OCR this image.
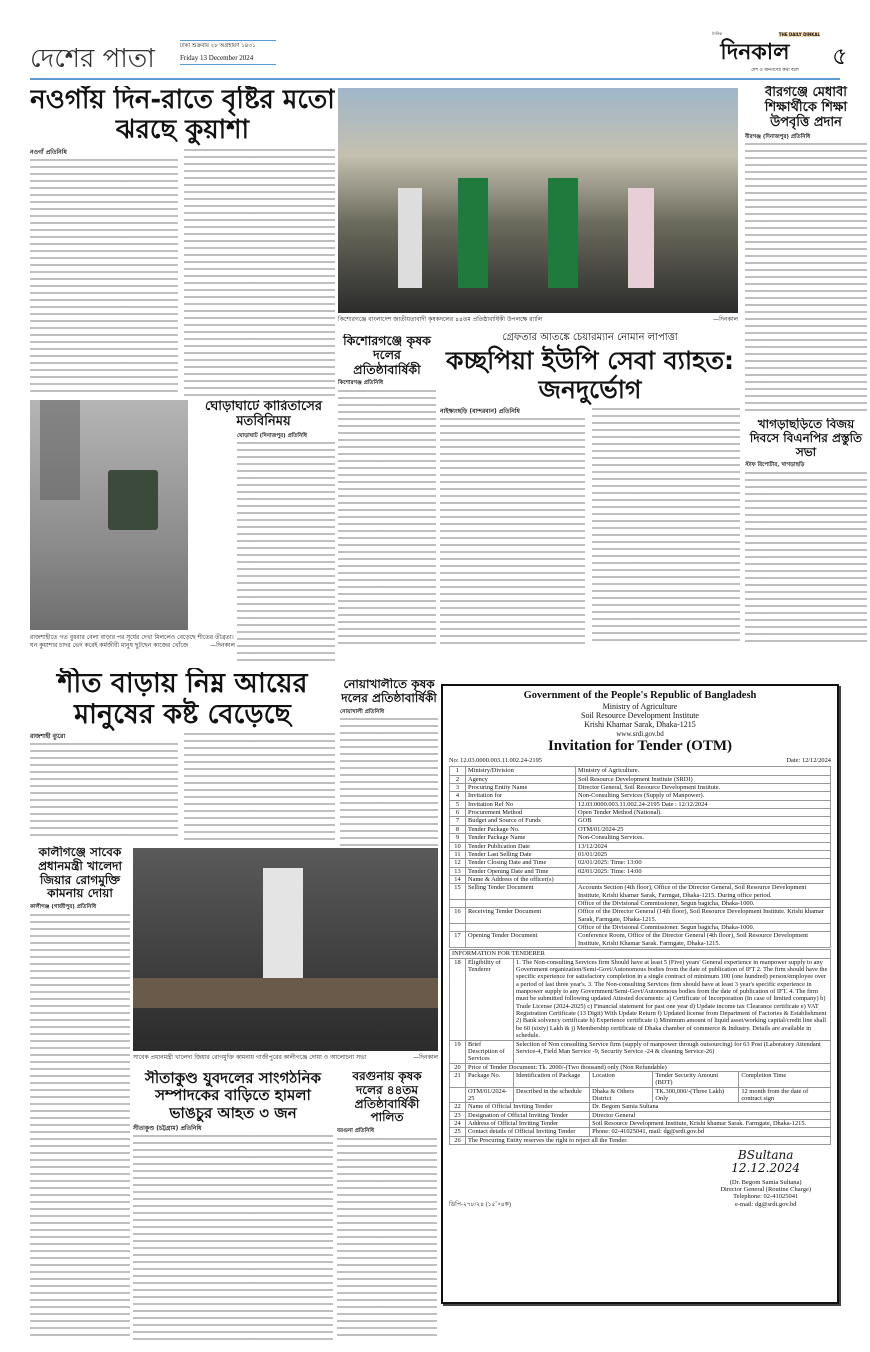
দেশের পাতা	ঢাকা শুক্রবার ২৮ অগ্রহায়ণ ১৪৩১
Friday 13 December 2024
দৈনিক	THE DAILY DINKAL
দিনকাল
দেশ ও জনগণের কথা বলে
৫
নওগাঁয় দিন-রাতে বৃষ্টির মতো ঝরছে কুয়াশা
নওগাঁ প্রতিনিধি
রাজশাহীতে গত বুধবার বেলা বাড়ার পর সূর্যের দেখা মিললেও বেড়েছে শীতের তীব্রতা। ঘন কুয়াশার চাদর ভেদ করেই কর্মজীবী মানুষ ছুটছেন কাজের খোঁজে	—দিনকাল
ঘোড়াঘাটে কারিতাসের মতবিনিময়
ঘোড়াঘাট (দিনাজপুর) প্রতিনিধি
কিশোরগঞ্জে বাংলাদেশ জাতীয়তাবাদী কৃষকদলের ৪৪তম প্রতিষ্ঠাবার্ষিকী উপলক্ষে র‌্যালি	—দিনকাল
বীরগঞ্জে মেধাবী শিক্ষার্থীকে শিক্ষা উপবৃত্তি প্রদান
বীরগঞ্জ (দিনাজপুর) প্রতিনিধি
খাগড়াছড়িতে বিজয় দিবসে বিএনপির প্রস্তুতি সভা
স্টাফ রিপোর্টার, খাগড়াছড়ি
কিশোরগঞ্জে কৃষক দলের প্রতিষ্ঠাবার্ষিকী
কিশোরগঞ্জ প্রতিনিধি
গ্রেফতার আতঙ্কে চেয়ারম্যান নোমান লাপাত্তা
কচ্ছপিয়া ইউপি সেবা ব্যাহত: জনদুর্ভোগ
নাইক্ষ্যংছড়ি (বান্দরবান) প্রতিনিধি
শীত বাড়ায় নিম্ন আয়ের মানুষের কষ্ট বেড়েছে
রাজশাহী ব্যুরো
নোয়াখালীতে কৃষক দলের প্রতিষ্ঠাবার্ষিকী
নোয়াখালী প্রতিনিধি
কালীগঞ্জে সাবেক প্রধানমন্ত্রী খালেদা জিয়ার রোগমুক্তি কামনায় দোয়া
কালীগঞ্জ (গাজীপুর) প্রতিনিধি
সাবেক প্রধানমন্ত্রী খালেদা জিয়ার রোগমুক্তি কামনায় গাজীপুরের কালীগঞ্জে দোয়া ও আলোচনা সভা	—দিনকাল
সীতাকুণ্ড যুবদলের সাংগঠনিক সম্পাদকের বাড়িতে হামলা ভাঙচুর আহত ৩ জন
সীতাকুণ্ড (চট্টগ্রাম) প্রতিনিধি
বরগুনায় কৃষক দলের ৪৪তম প্রতিষ্ঠাবার্ষিকী পালিত
বরগুনা প্রতিনিধি
Government of the People's Republic of Bangladesh
Ministry of Agriculture
Soil Resource Development Institute
Krishi Khamar Sarak, Dhaka-1215
www.srdi.gov.bd
Invitation for Tender (OTM)
No: 12.03.0000.003.11.002.24-2195	Date: 12/12/2024
1	Ministry/Division	Ministry of Agriculture.
2	Agency	Soil Resource Development Institute (SRDI)
3	Procuring Entity Name	Director General, Soil Resource Development Institute.
4	Invitation for	Non-Consulting Services (Supply of Manpower).
5	Invitation Ref No	12.03.0000.003.11.002.24-2195 Date : 12/12/2024
6	Procurement Method	Open Tender Method (National).
7	Budget and Source of Funds	GOB
8	Tender Package No.	OTM/01/2024-25
9	Tender Package Name	Non-Consulting Services.
10	Tender Publication Date	13/12/2024
11	Tender Last Selling Date	01/01/2025
12	Tender Closing Date and Time	02/01/2025: Time: 13:00
13	Tender Opening Date and Time	02/01/2025: Time: 14:00
14	Name & Address of the officer(s)	
15	Selling Tender Document	Accounts Section (4th floor), Office of the Director General, Soil Resource Development Institute, Krishi khamar Sarak, Farmgat, Dhaka-1215. During office period.
		Office of the Divisional Commissioner, Segun bagicha, Dhaka-1000.
16	Receiving Tender Document	Office of the Director General (14th floor), Soil Resource Development Institute. Krishi khamar Sarak, Farmgate, Dhaka-1215.
		Office of the Divisional Commissioner. Segun bagicha, Dhaka-1000.
17	Opening Tender Document	Conference Room, Office of the Director General (4th floor), Soil Resource Development Institute, Krishi Khamar Sarak. Farmgate, Dhaka-1215.
INFORMATION FOR TENDERER
18	Eligibility of Tenderer	1. The Non-consulting Services firm Should have at least 5 (Five) years' General experience in manpower supply to any Government organization/Semi-Govt/Autonomous bodies from the date of publication of IFT 2. The firm should have the specific experience for satisfactory completion in a single contract of minimum 100 (one hundred) person/employee over a period of last three year's. 3. The Non-consulting Services firm should have at least 3 year's specific experience in manpower supply to any Government/Semi-Govt/Autonomous bodies from the date of publication of IFT. 4. The firm must be submitted following updated Attested documents: a) Certificate of Incorporation (In case of limited company) b) Trade License (2024-2025) c) Financial statement for past one year d) Update income tax Clearance certificate e) VAT Registration Certificate (13 Digit) With Update Return f) Updated license from Department of Factories & Establishment 2) Bank solvency certificate h) Experience certificate i) Minimum amount of liquid asset/working capital/credit line shall be 60 (sixty) Lakh & j) Membership certificate of Dhaka chamber of commerce & Industry. Details are available in schedule.			
19	Brief Description of Services	Selection of Non consulting Service firm (supply of manpower through outsourcing) for 63 Post (Laboratory Attendant Service-4, Field Man Service -9, Security Service -24 & cleaning Service-26)			
20	Price of Tender Document: Tk. 2000/-(Two thousand) only (Non Refundable)				
21	Package No.	Identification of Package	Location	Tender Security Amount (BDT)	Completion Time
	OTM/01/2024-25	Described in the schedule	Dhaka & Others District	TK.300,000/-(Three Lakh) Only	12 month from the date of contract sign
22	Name of Official Inviting Tender		Dr. Begom Samia Sultana		
23	Designation of Official Inviting Tender		Director General		
24	Address of Official Inviting Tender		Soil Resource Development Institute, Krishi khamar Sarak. Farmgate, Dhaka-1215.		
25	Contact details of Official Inviting Tender		Phone: 02-41025041, mail: dg@srdi.gov.bd		
26	The Procuring Entity reserves the right to reject all the Tender.				
ডিপি-২৭৮/২৪ (১৫˝×৪ক)
BSultana 12.12.2024
(Dr. Begom Samia Sultana)
Director General (Routine Charge)
Telephone: 02-41025041
e-mail: dg@srdi.gov.bd
